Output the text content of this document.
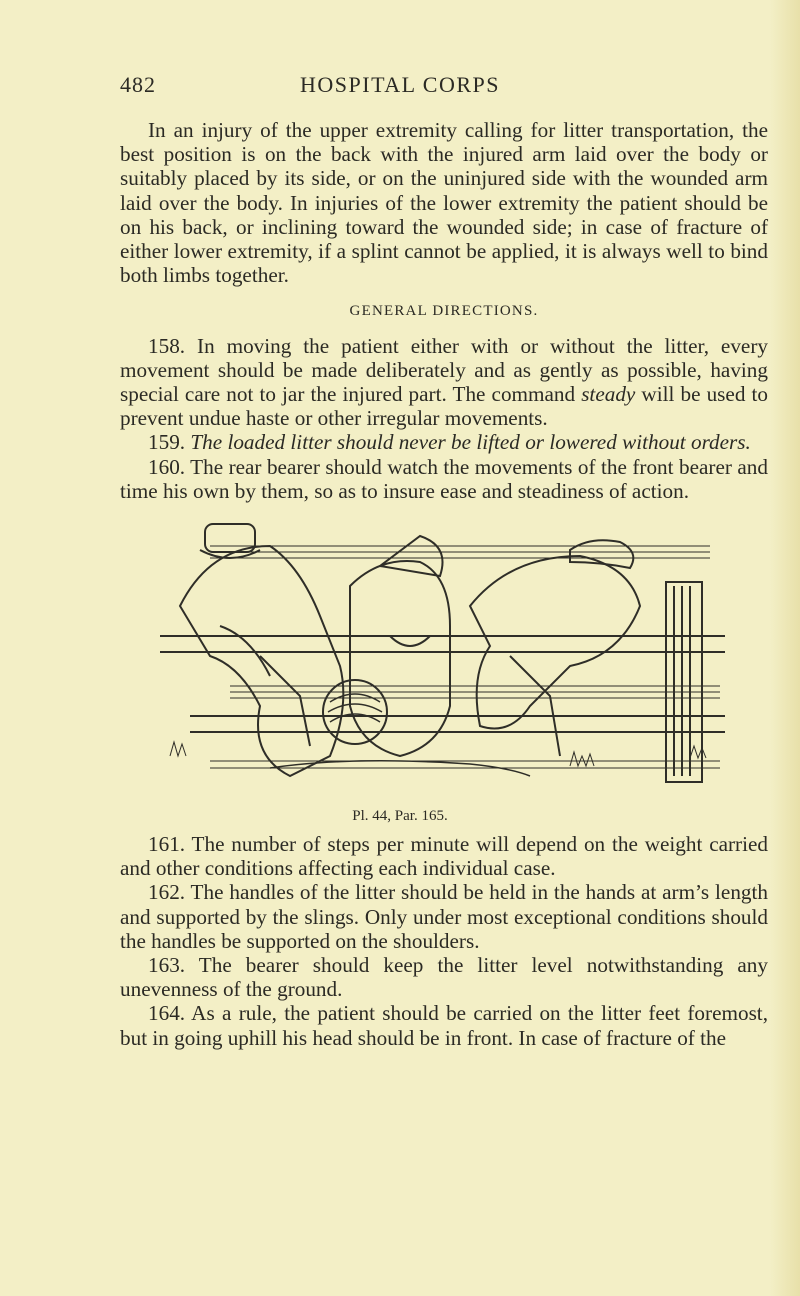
482	HOSPITAL CORPS

In an injury of the upper extremity calling for litter transportation, the best position is on the back with the injured arm laid over the body or suitably placed by its side, or on the uninjured side with the wounded arm laid over the body. In injuries of the lower extremity the patient should be on his back, or inclining toward the wounded side; in case of fracture of either lower extremity, if a splint cannot be applied, it is always well to bind both limbs together.

GENERAL DIRECTIONS.

158. In moving the patient either with or without the litter, every movement should be made deliberately and as gently as possible, having special care not to jar the injured part. The command steady will be used to prevent undue haste or other irregular movements.

159. The loaded litter should never be lifted or lowered without orders.

160. The rear bearer should watch the movements of the front bearer and time his own by them, so as to insure ease and steadiness of action.

Pl. 44, Par. 165.

161. The number of steps per minute will depend on the weight carried and other conditions affecting each individual case.

162. The handles of the litter should be held in the hands at arm’s length and supported by the slings. Only under most exceptional conditions should the handles be supported on the shoulders.

163. The bearer should keep the litter level notwithstanding any unevenness of the ground.

164. As a rule, the patient should be carried on the litter feet foremost, but in going uphill his head should be in front. In case of fracture of the
